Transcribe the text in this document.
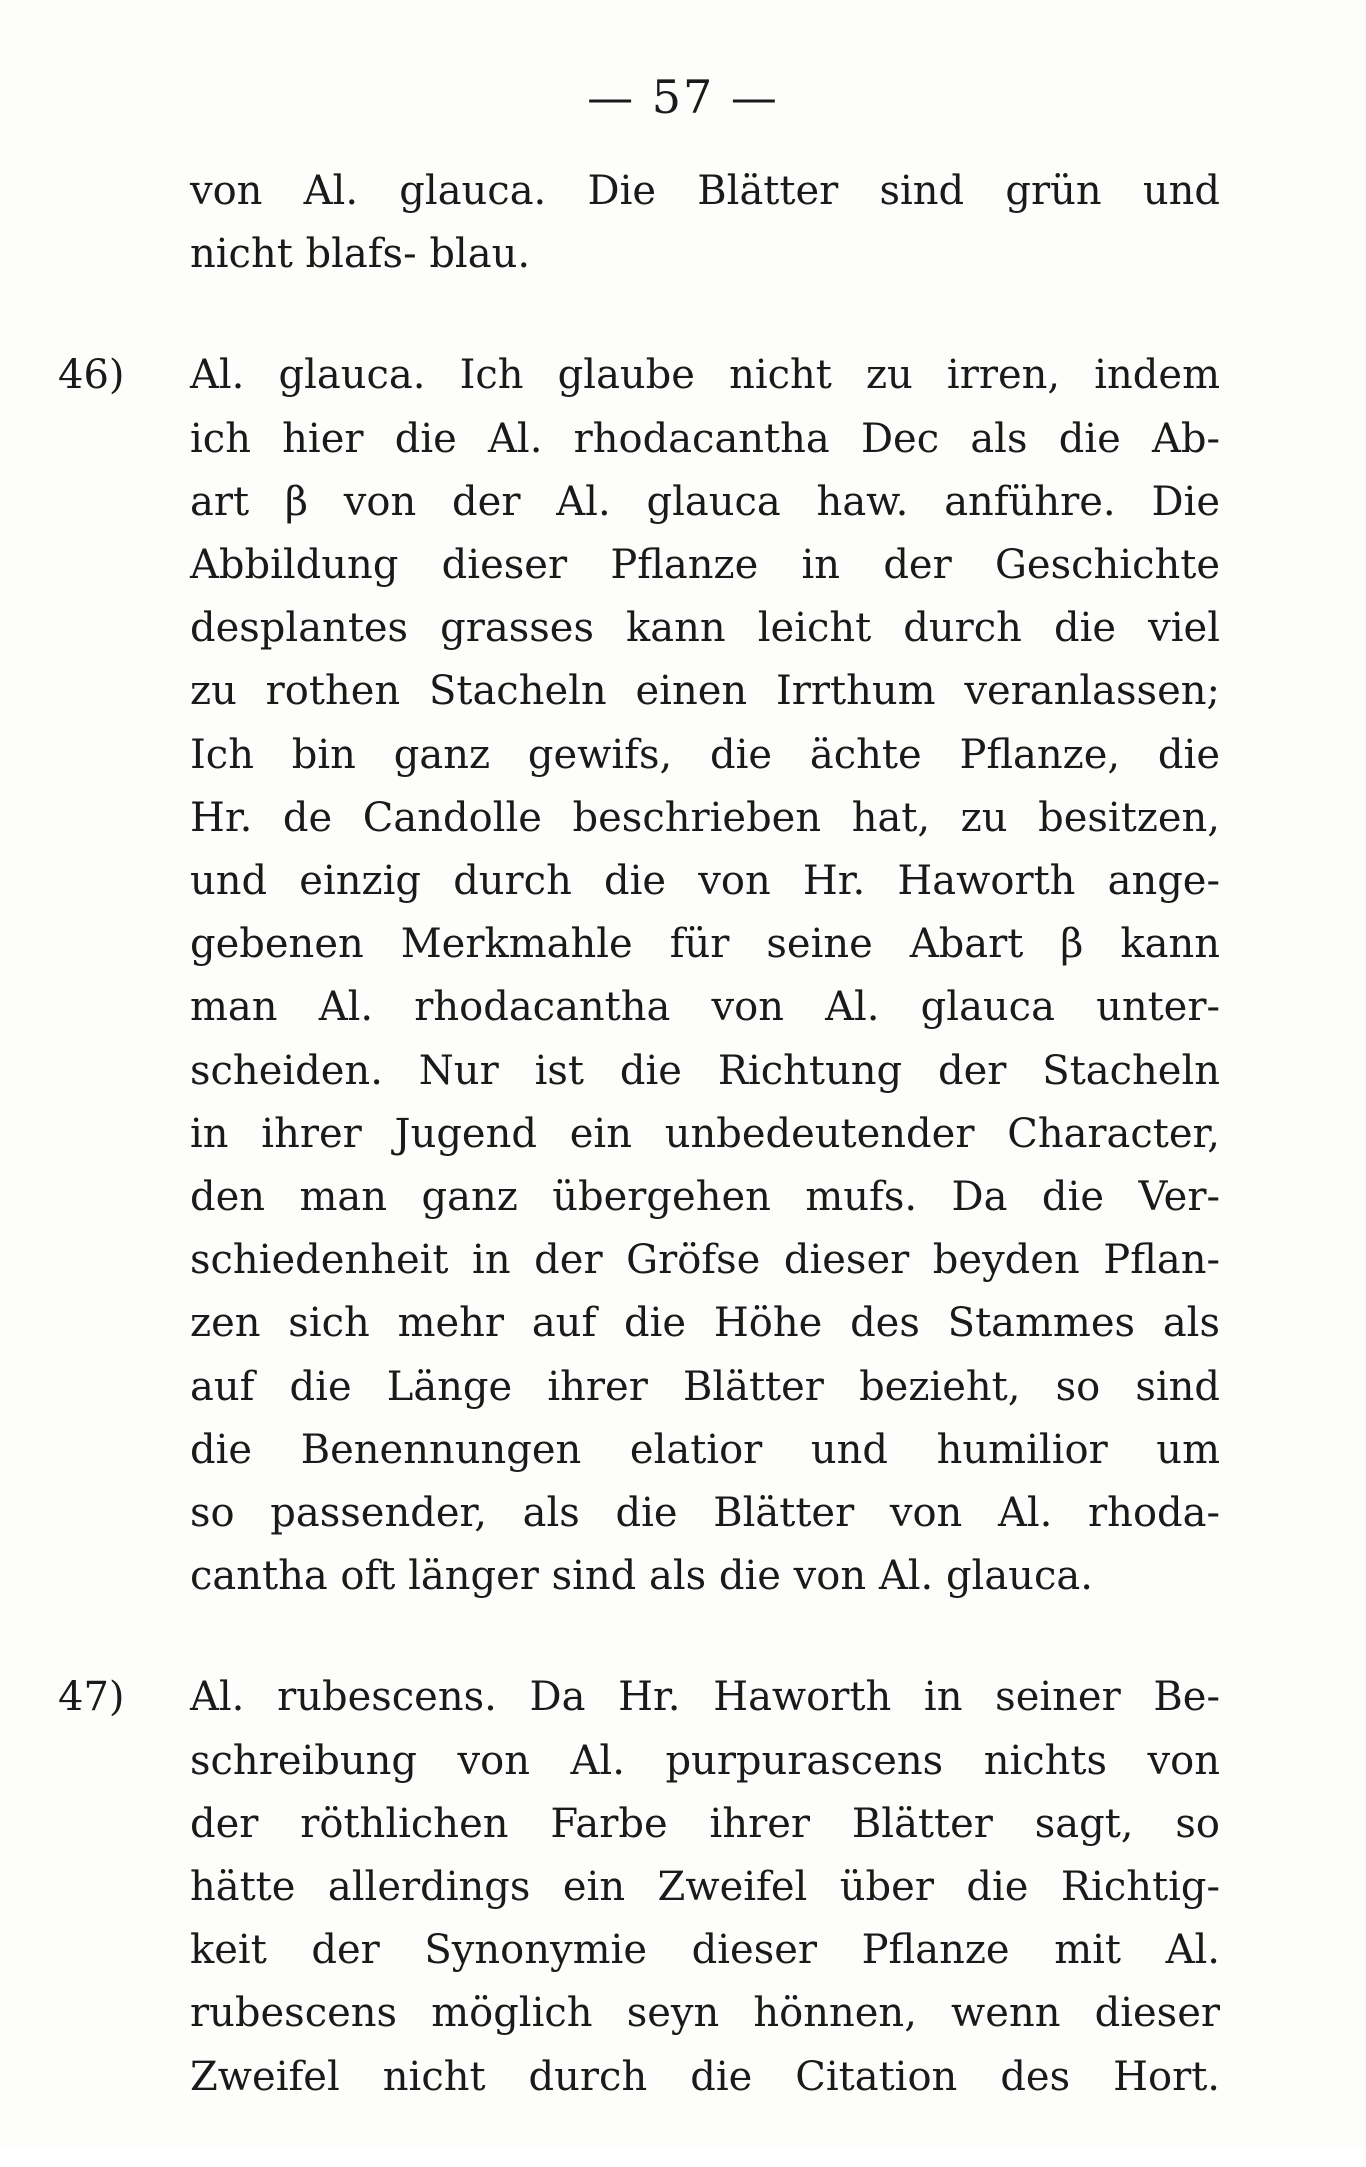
— 57 —
von Al. glauca. Die Blätter sind grün und
nicht blafs- blau.
46) Al. glauca. Ich glaube nicht zu irren, indem
ich hier die Al. rhodacantha Dec als die Ab-
art β von der Al. glauca haw. anführe. Die
Abbildung dieser Pflanze in der Geschichte
desplantes grasses kann leicht durch die viel
zu rothen Stacheln einen Irrthum veranlassen;
Ich bin ganz gewifs, die ächte Pflanze, die
Hr. de Candolle beschrieben hat, zu besitzen,
und einzig durch die von Hr. Haworth ange-
gebenen Merkmahle für seine Abart β kann
man Al. rhodacantha von Al. glauca unter-
scheiden. Nur ist die Richtung der Stacheln
in ihrer Jugend ein unbedeutender Character,
den man ganz übergehen mufs. Da die Ver-
schiedenheit in der Gröfse dieser beyden Pflan-
zen sich mehr auf die Höhe des Stammes als
auf die Länge ihrer Blätter bezieht, so sind
die Benennungen elatior und humilior um
so passender, als die Blätter von Al. rhoda-
cantha oft länger sind als die von Al. glauca.
47) Al. rubescens. Da Hr. Haworth in seiner Be-
schreibung von Al. purpurascens nichts von
der röthlichen Farbe ihrer Blätter sagt, so
hätte allerdings ein Zweifel über die Richtig-
keit der Synonymie dieser Pflanze mit Al.
rubescens möglich seyn hönnen, wenn dieser
Zweifel nicht durch die Citation des Hort.
